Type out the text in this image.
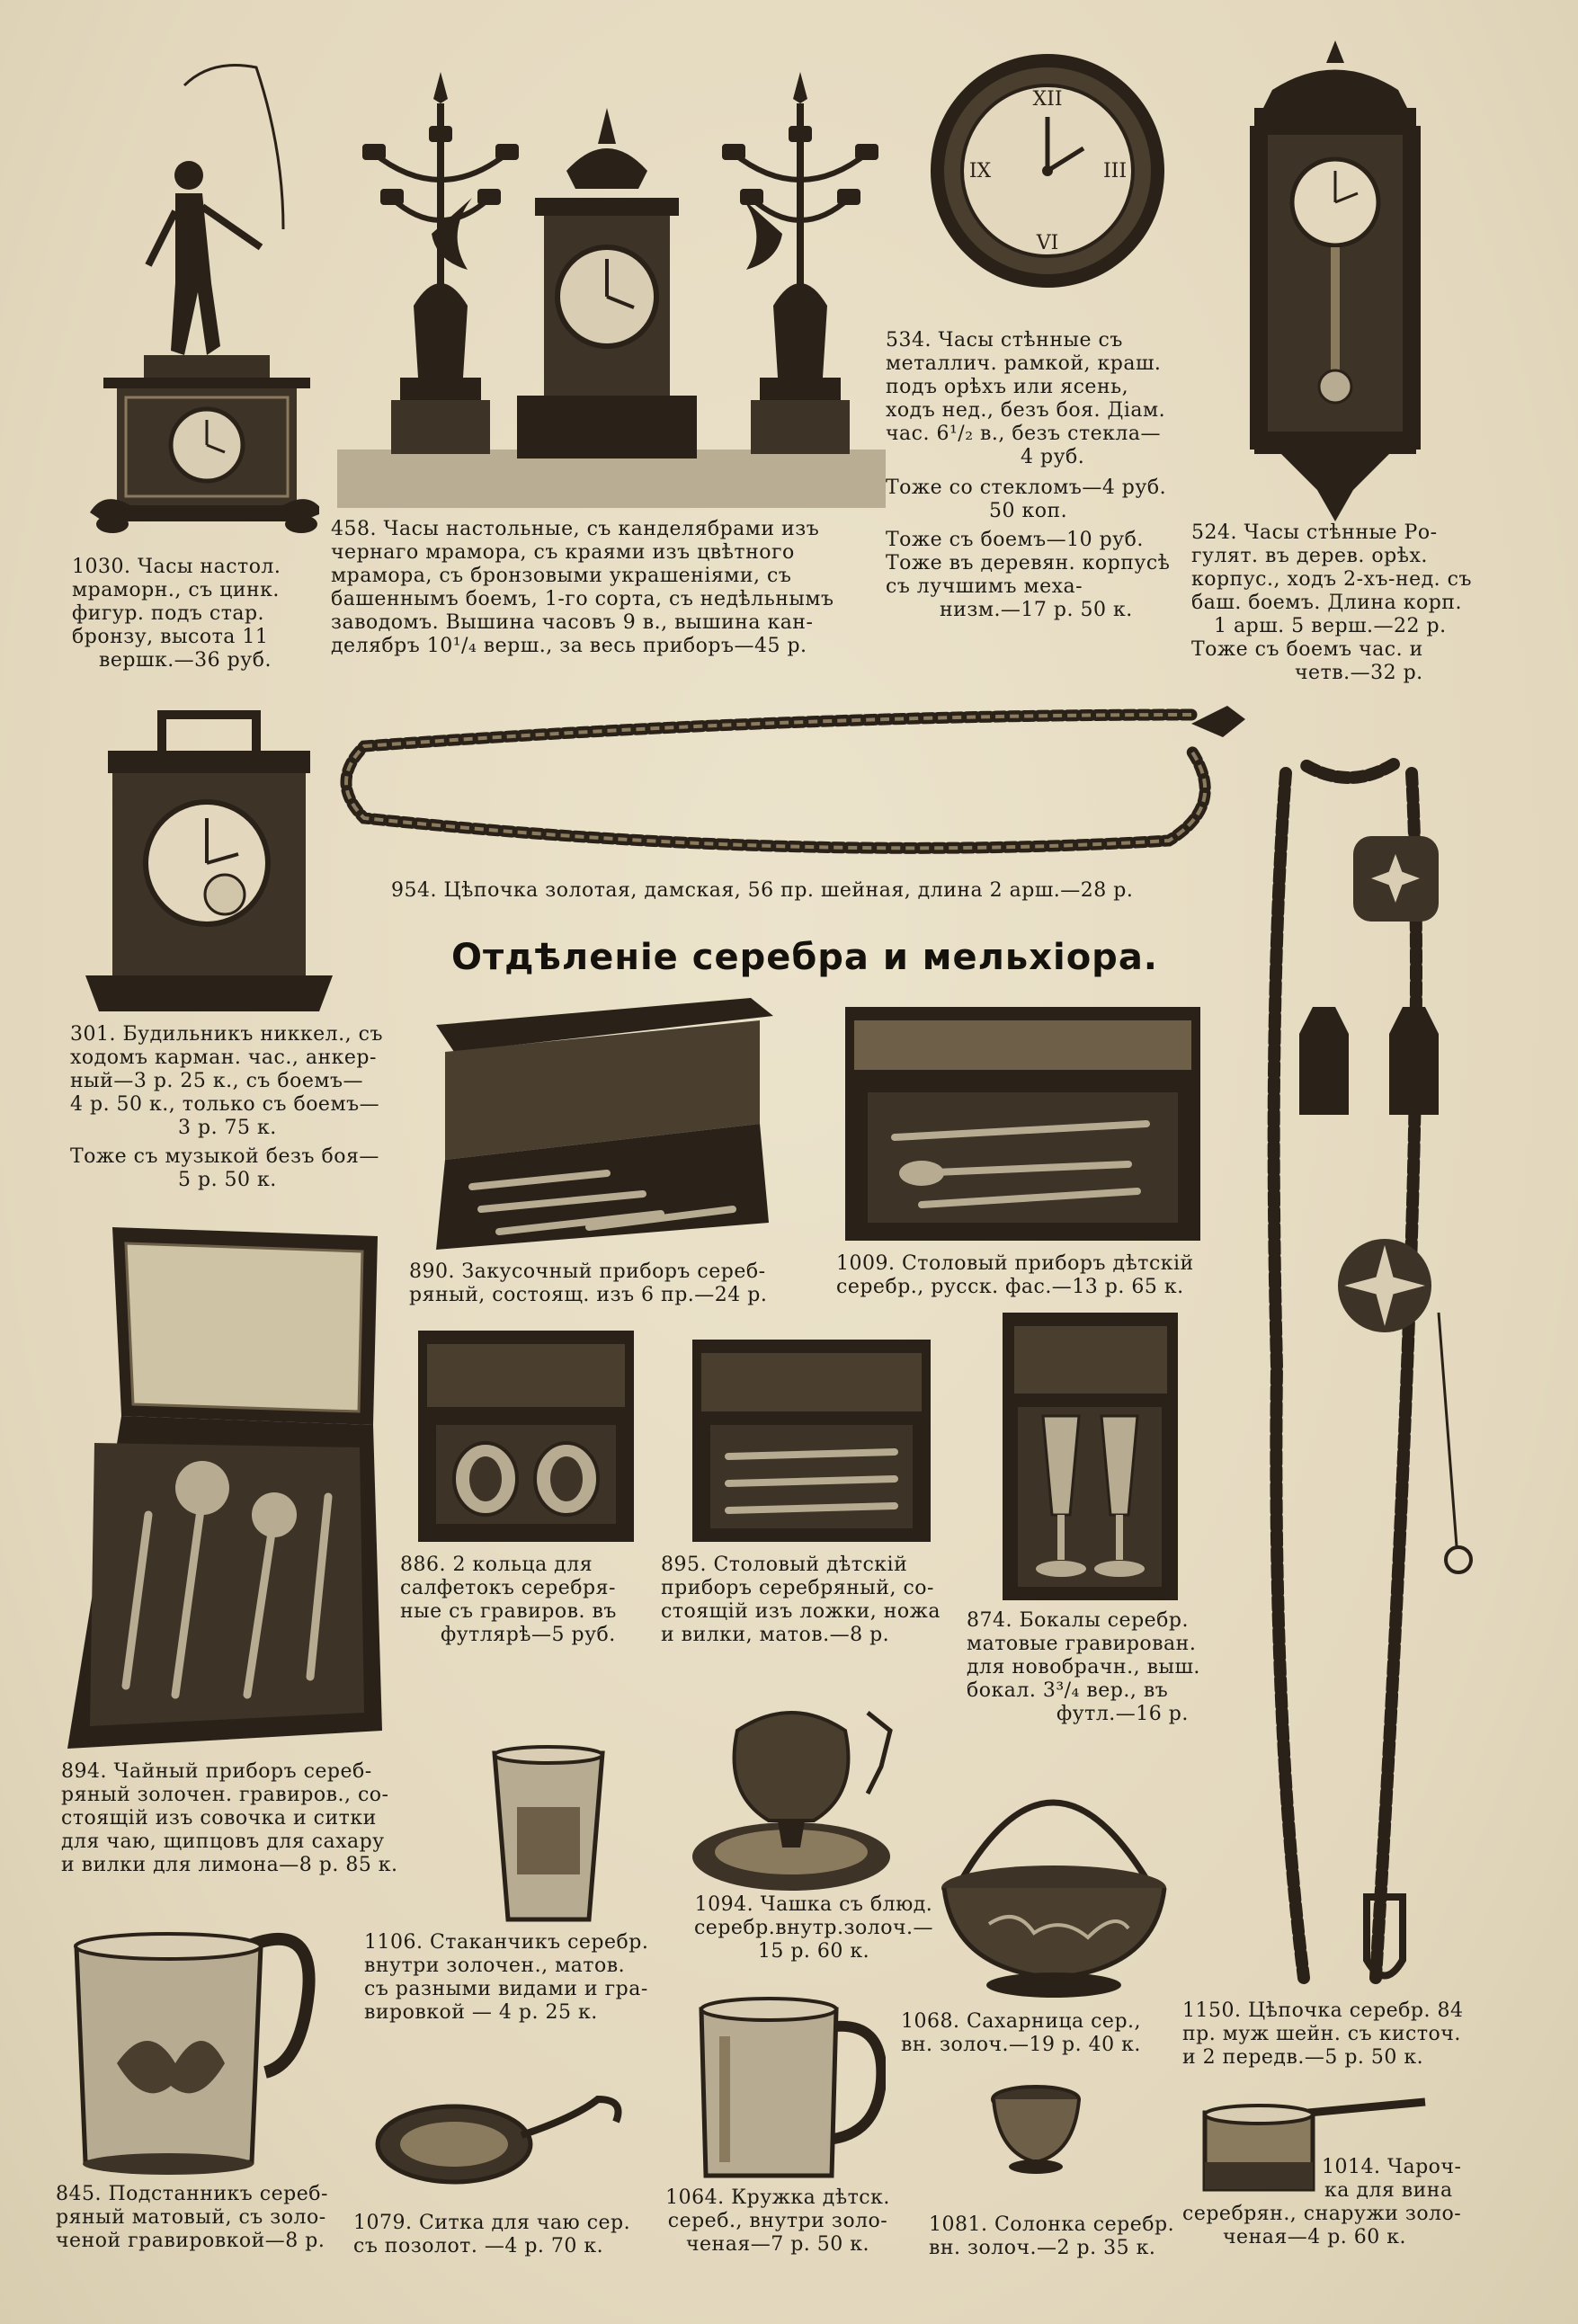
1030. Часы настол.
мраморн., съ цинк.
фигур. подъ стар.
бронзу, высота 11
вершк.—36 руб.
458. Часы настольные, съ канделябрами изъ
чернаго мрамора, съ краями изъ цвѣтного
мрамора, съ бронзовыми украшеніями, съ
башеннымъ боемъ, 1-го сорта, съ недѣльнымъ
заводомъ. Вышина часовъ 9 в., вышина кан-
делябръ 10¹/₄ верш., за весь приборъ—45 р.
XII
III
VI
IX
534. Часы стѣнные съ
металлич. рамкой, краш.
подъ орѣхъ или ясень,
ходъ нед., безъ боя. Діам.
час. 6¹/₂ в., безъ стекла—
4 руб.
Тоже со стекломъ—4 руб.
50 коп.
Тоже съ боемъ—10 руб.
Тоже въ деревян. корпусѣ съ лучшимъ меха-
низм.—17 р. 50 к.
524. Часы стѣнные Ро-
гулят. въ дерев. орѣх.
корпус., ходъ 2-хъ-нед. съ
баш. боемъ. Длина корп.
1 арш. 5 верш.—22 р.
Тоже съ боемъ час. и
четв.—32 р.
301. Будильникъ никкел., съ
ходомъ карман. час., анкер-
ный—3 р. 25 к., съ боемъ—
4 р. 50 к., только съ боемъ—
3 р. 75 к.
Тоже съ музыкой безъ боя—
5 р. 50 к.
954. Цѣпочка золотая, дамская, 56 пр. шейная, длина 2 арш.—28 р.
1150. Цѣпочка серебр. 84
пр. муж шейн. съ кисточ.
и 2 передв.—5 р. 50 к.
Отдѣленіе серебра и мельхіора.
890. Закусочный приборъ сереб-
ряный, состоящ. изъ 6 пр.—24 р.
1009. Столовый приборъ дѣтскій
серебр., русск. фас.—13 р. 65 к.
894. Чайный приборъ сереб-
ряный золочен. гравиров., со-
стоящій изъ совочка и ситки
для чаю, щипцовъ для сахару
и вилки для лимона—8 р. 85 к.
886. 2 кольца для
салфетокъ серебря-
ные съ гравиров. въ
футлярѣ—5 руб.
895. Столовый дѣтскій
приборъ серебряный, со-
стоящій изъ ложки, ножа
и вилки, матов.—8 р.
874. Бокалы серебр.
матовые гравирован.
для новобрачн., выш.
бокал. 3³/₄ вер., въ
футл.—16 р.
1106. Стаканчикъ серебр.
внутри золочен., матов.
съ разными видами и гра-
вировкой — 4 р. 25 к.
1094. Чашка съ блюд.
серебр.внутр.золоч.—
15 р. 60 к.
1068. Сахарница сер.,
вн. золоч.—19 р. 40 к.
845. Подстанникъ сереб-
ряный матовый, съ золо-
ченой гравировкой—8 р.
1079. Ситка для чаю сер.
съ позолот. —4 р. 70 к.
1064. Кружка дѣтск.
сереб., внутри золо-
ченая—7 р. 50 к.
1081. Солонка серебр.
вн. золоч.—2 р. 35 к.
1014. Чароч-
ка для вина
серебрян., снаружи золо-
ченая—4 р. 60 к.
